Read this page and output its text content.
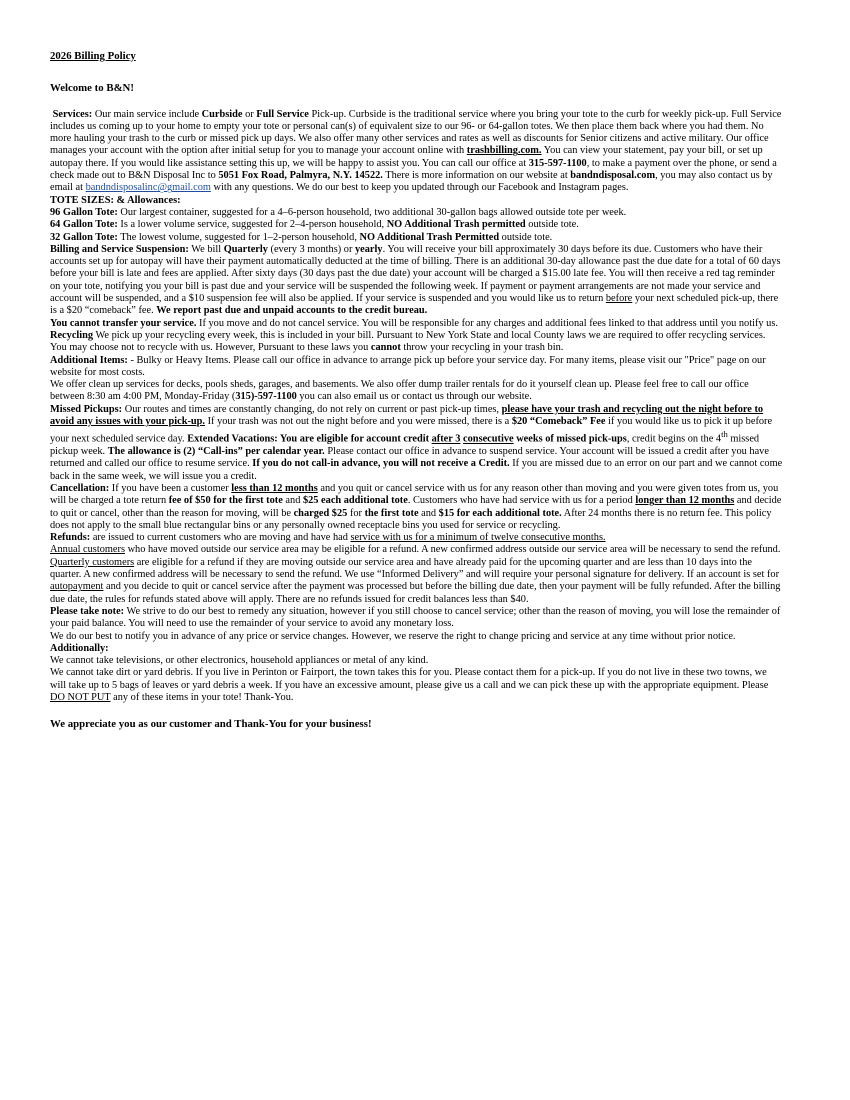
2026 Billing Policy

Welcome to B&N!

Services: Our main service include Curbside or Full Service Pick-up. Curbside is the traditional service where you bring your tote to the curb for weekly pick-up. Full Service includes us coming up to your home to empty your tote or personal can(s) of equivalent size to our 96- or 64-gallon totes. We then place them back where you had them. No more hauling your trash to the curb or missed pick up days. We also offer many other services and rates as well as discounts for Senior citizens and active military. Our office manages your account with the option after initial setup for you to manage your account online with trashbilling.com. You can view your statement, pay your bill, or set up autopay there. If you would like assistance setting this up, we will be happy to assist you. You can call our office at 315-597-1100, to make a payment over the phone, or send a check made out to B&N Disposal Inc to 5051 Fox Road, Palmyra, N.Y. 14522. There is more information on our website at bandndisposal.com, you may also contact us by email at bandndisposalinc@gmail.com with any questions. We do our best to keep you updated through our Facebook and Instagram pages.

TOTE SIZES: & Allowances:

96 Gallon Tote: Our largest container, suggested for a 4–6-person household, two additional 30-gallon bags allowed outside tote per week.

64 Gallon Tote: Is a lower volume service, suggested for 2–4-person household, NO Additional Trash permitted outside tote.

32 Gallon Tote: The lowest volume, suggested for 1–2-person household, NO Additional Trash Permitted outside tote.

Billing and Service Suspension: We bill Quarterly (every 3 months) or yearly. You will receive your bill approximately 30 days before its due. Customers who have their accounts set up for autopay will have their payment automatically deducted at the time of billing. There is an additional 30-day allowance past the due date for a total of 60 days before your bill is late and fees are applied. After sixty days (30 days past the due date) your account will be charged a $15.00 late fee. You will then receive a red tag reminder on your tote, notifying you your bill is past due and your service will be suspended the following week. If payment or payment arrangements are not made your service and account will be suspended, and a $10 suspension fee will also be applied. If your service is suspended and you would like us to return before your next scheduled pick-up, there is a $20 “comeback” fee. We report past due and unpaid accounts to the credit bureau.

You cannot transfer your service. If you move and do not cancel service. You will be responsible for any charges and additional fees linked to that address until you notify us.

Recycling We pick up your recycling every week, this is included in your bill. Pursuant to New York State and local County laws we are required to offer recycling services. You may choose not to recycle with us. However, Pursuant to these laws you cannot throw your recycling in your trash bin.

Additional Items: - Bulky or Heavy Items. Please call our office in advance to arrange pick up before your service day. For many items, please visit our "Price" page on our website for most costs.

We offer clean up services for decks, pools sheds, garages, and basements. We also offer dump trailer rentals for do it yourself clean up. Please feel free to call our office between 8:30 am 4:00 PM, Monday-Friday (315)-597-1100 you can also email us or contact us through our website.

Missed Pickups: Our routes and times are constantly changing, do not rely on current or past pick-up times, please have your trash and recycling out the night before to avoid any issues with your pick-up. If your trash was not out the night before and you were missed, there is a $20 “Comeback” Fee if you would like us to pick it up before your next scheduled service day. Extended Vacations: You are eligible for account credit after 3 consecutive weeks of missed pick-ups, credit begins on the 4th missed pickup week. The allowance is (2) “Call-ins” per calendar year. Please contact our office in advance to suspend service. Your account will be issued a credit after you have returned and called our office to resume service. If you do not call-in advance, you will not receive a Credit. If you are missed due to an error on our part and we cannot come back in the same week, we will issue you a credit.

Cancellation: If you have been a customer less than 12 months and you quit or cancel service with us for any reason other than moving and you were given totes from us, you will be charged a tote return fee of $50 for the first tote and $25 each additional tote. Customers who have had service with us for a period longer than 12 months and decide to quit or cancel, other than the reason for moving, will be charged $25 for the first tote and $15 for each additional tote. After 24 months there is no return fee. This policy does not apply to the small blue rectangular bins or any personally owned receptacle bins you used for service or recycling.

Refunds: are issued to current customers who are moving and have had service with us for a minimum of twelve consecutive months.
Annual customers who have moved outside our service area may be eligible for a refund. A new confirmed address outside our service area will be necessary to send the refund. Quarterly customers are eligible for a refund if they are moving outside our service area and have already paid for the upcoming quarter and are less than 10 days into the quarter. A new confirmed address will be necessary to send the refund. We use “Informed Delivery” and will require your personal signature for delivery. If an account is set for autopayment and you decide to quit or cancel service after the payment was processed but before the billing due date, then your payment will be fully refunded. After the billing due date, the rules for refunds stated above will apply. There are no refunds issued for credit balances less than $40.

Please take note: We strive to do our best to remedy any situation, however if you still choose to cancel service; other than the reason of moving, you will lose the remainder of your paid balance. You will need to use the remainder of your service to avoid any monetary loss.

We do our best to notify you in advance of any price or service changes. However, we reserve the right to change pricing and service at any time without prior notice.

Additionally:

We cannot take televisions, or other electronics, household appliances or metal of any kind.

We cannot take dirt or yard debris. If you live in Perinton or Fairport, the town takes this for you. Please contact them for a pick-up. If you do not live in these two towns, we will take up to 5 bags of leaves or yard debris a week. If you have an excessive amount, please give us a call and we can pick these up with the appropriate equipment. Please DO NOT PUT any of these items in your tote! Thank-You.

We appreciate you as our customer and Thank-You for your business!
